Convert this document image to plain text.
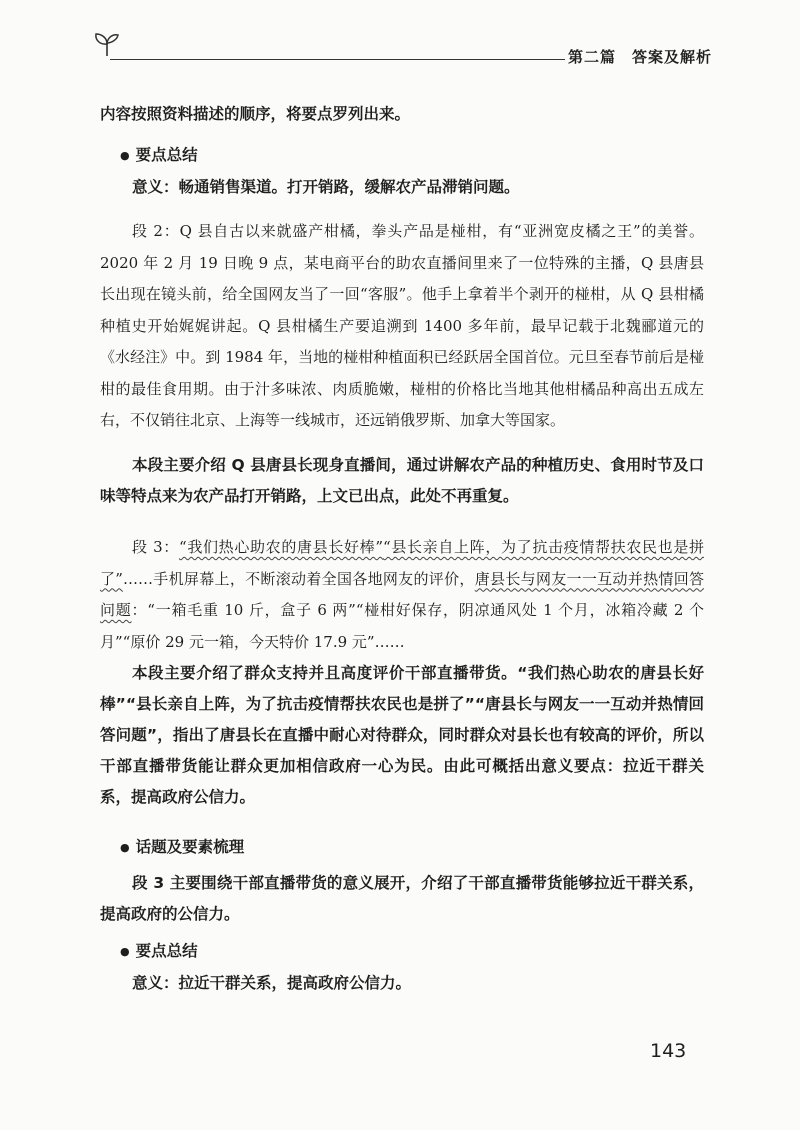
第二篇　答案及解析

内容按照资料描述的顺序，将要点罗列出来。

● 要点总结

意义：畅通销售渠道。打开销路，缓解农产品滞销问题。

段 2：Q 县自古以来就盛产柑橘，拳头产品是椪柑，有“亚洲宽皮橘之王”的美誉。2020 年 2 月 19 日晚 9 点，某电商平台的助农直播间里来了一位特殊的主播，Q 县唐县长出现在镜头前，给全国网友当了一回“客服”。他手上拿着半个剥开的椪柑，从 Q 县柑橘种植史开始娓娓讲起。Q 县柑橘生产要追溯到 1400 多年前，最早记载于北魏郦道元的《水经注》中。到 1984 年，当地的椪柑种植面积已经跃居全国首位。元旦至春节前后是椪柑的最佳食用期。由于汁多味浓、肉质脆嫩，椪柑的价格比当地其他柑橘品种高出五成左右，不仅销往北京、上海等一线城市，还远销俄罗斯、加拿大等国家。

本段主要介绍 Q 县唐县长现身直播间，通过讲解农产品的种植历史、食用时节及口味等特点来为农产品打开销路，上文已出点，此处不再重复。

段 3：“我们热心助农的唐县长好棒”“县长亲自上阵，为了抗击疫情帮扶农民也是拼了”……手机屏幕上，不断滚动着全国各地网友的评价，唐县长与网友一一互动并热情回答问题：“一箱毛重 10 斤，盒子 6 两”“椪柑好保存，阴凉通风处 1 个月，冰箱冷藏 2 个月”“原价 29 元一箱，今天特价 17.9 元”……

本段主要介绍了群众支持并且高度评价干部直播带货。“我们热心助农的唐县长好棒”“县长亲自上阵，为了抗击疫情帮扶农民也是拼了”“唐县长与网友一一互动并热情回答问题”，指出了唐县长在直播中耐心对待群众，同时群众对县长也有较高的评价，所以干部直播带货能让群众更加相信政府一心为民。由此可概括出意义要点：拉近干群关系，提高政府公信力。

● 话题及要素梳理

段 3 主要围绕干部直播带货的意义展开，介绍了干部直播带货能够拉近干群关系，提高政府的公信力。

● 要点总结

意义：拉近干群关系，提高政府公信力。

143
